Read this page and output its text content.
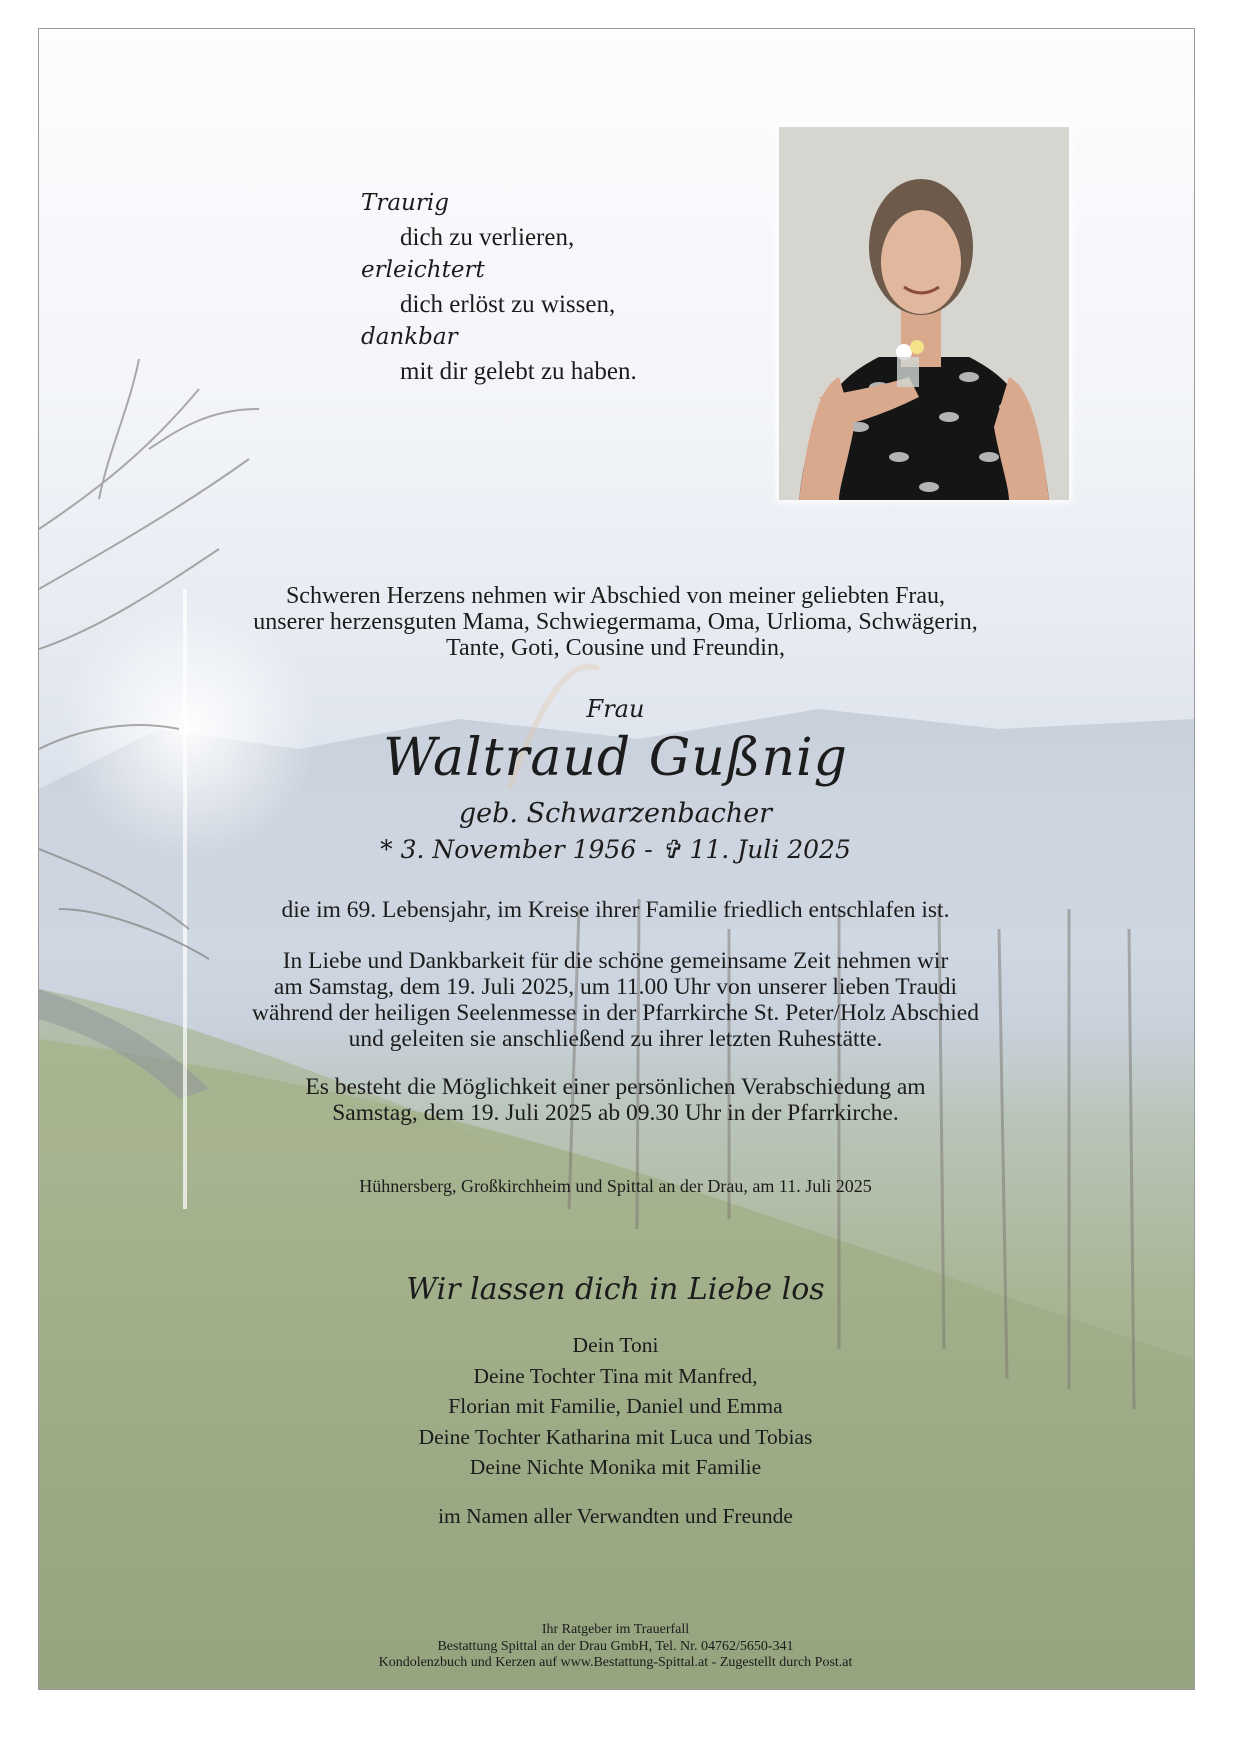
Traurig
dich zu verlieren,
erleichtert
dich erlöst zu wissen,
dankbar
mit dir gelebt zu haben.
Schweren Herzens nehmen wir Abschied von meiner geliebten Frau,
unserer herzensguten Mama, Schwiegermama, Oma, Urlioma, Schwägerin,
Tante, Goti, Cousine und Freundin,
Frau
Waltraud Gußnig
geb. Schwarzenbacher
* 3. November 1956 - ✞ 11. Juli 2025
die im 69. Lebensjahr, im Kreise ihrer Familie friedlich entschlafen ist.
In Liebe und Dankbarkeit für die schöne gemeinsame Zeit nehmen wir
am Samstag, dem 19. Juli 2025, um 11.00 Uhr von unserer lieben Traudi
während der heiligen Seelenmesse in der Pfarrkirche St. Peter/Holz Abschied
und geleiten sie anschließend zu ihrer letzten Ruhestätte.
Es besteht die Möglichkeit einer persönlichen Verabschiedung am
Samstag, dem 19. Juli 2025 ab 09.30 Uhr in der Pfarrkirche.
Hühnersberg, Großkirchheim und Spittal an der Drau, am 11. Juli 2025
Wir lassen dich in Liebe los
Dein Toni
Deine Tochter Tina mit Manfred,
Florian mit Familie, Daniel und Emma
Deine Tochter Katharina mit Luca und Tobias
Deine Nichte Monika mit Familie
im Namen aller Verwandten und Freunde
Ihr Ratgeber im Trauerfall
Bestattung Spittal an der Drau GmbH, Tel. Nr. 04762/5650-341
Kondolenzbuch und Kerzen auf www.Bestattung-Spittal.at - Zugestellt durch Post.at
